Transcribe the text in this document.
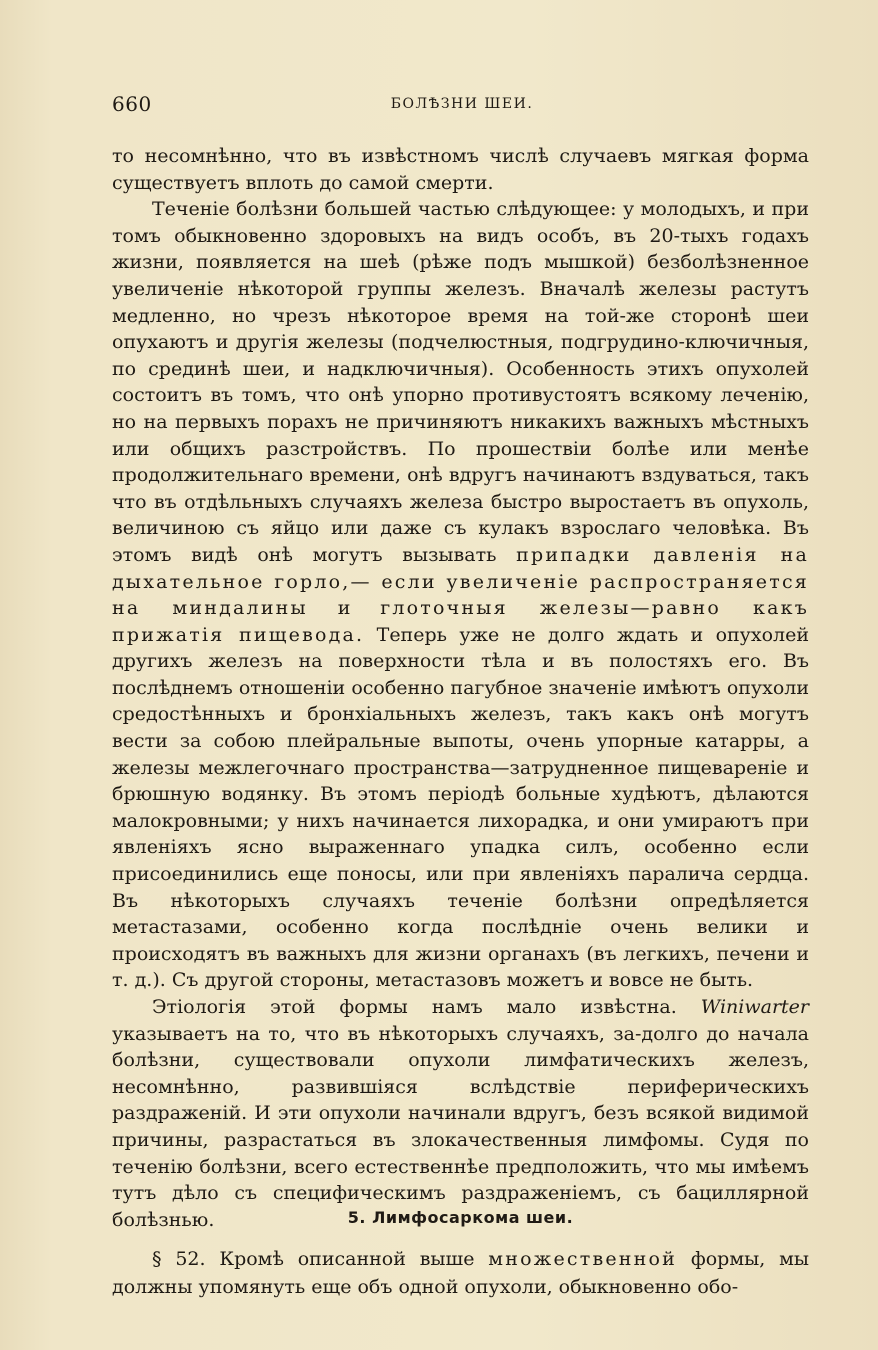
660	БОЛѢЗНИ ШЕИ.

то несомнѣнно, что въ извѣстномъ числѣ случаевъ мягкая форма существуетъ вплоть до самой смерти.

Теченіе болѣзни большей частью слѣдующее: у молодыхъ, и при томъ обыкновенно здоровыхъ на видъ особъ, въ 20-тыхъ годахъ жизни, появляется на шеѣ (рѣже подъ мышкой) безболѣзненное увеличеніе нѣкоторой группы железъ. Вначалѣ железы растутъ медленно, но чрезъ нѣкоторое время на той-же сторонѣ шеи опухаютъ и другія железы (подчелюстныя, подгрудино-ключичныя, по срединѣ шеи, и надключичныя). Особенность этихъ опухолей состоитъ въ томъ, что онѣ упорно противустоятъ всякому леченію, но на первыхъ порахъ не причиняютъ никакихъ важныхъ мѣстныхъ или общихъ разстройствъ. По прошествіи болѣе или менѣе продолжительнаго времени, онѣ вдругъ начинаютъ вздуваться, такъ что въ отдѣльныхъ случаяхъ железа быстро выростаетъ въ опухоль, величиною съ яйцо или даже съ кулакъ взрослаго человѣка. Въ этомъ видѣ онѣ могутъ вызывать припадки давленія на дыхательное горло,— если увеличеніе распространяется на миндалины и глоточныя железы—равно какъ прижатія пищевода. Теперь уже не долго ждать и опухолей другихъ железъ на поверхности тѣла и въ полостяхъ его. Въ послѣднемъ отношеніи особенно пагубное значеніе имѣютъ опухоли средостѣнныхъ и бронхіальныхъ железъ, такъ какъ онѣ могутъ вести за собою плейральные выпоты, очень упорные катарры, а железы межлегочнаго пространства—затрудненное пищевареніе и брюшную водянку. Въ этомъ періодѣ больные худѣютъ, дѣлаются малокровными; у нихъ начинается лихорадка, и они умираютъ при явленіяхъ ясно выраженнаго упадка силъ, особенно если присоединились еще поносы, или при явленіяхъ паралича сердца. Въ нѣкоторыхъ случаяхъ теченіе болѣзни опредѣляется метастазами, особенно когда послѣдніе очень велики и происходятъ въ важныхъ для жизни органахъ (въ легкихъ, печени и т. д.). Съ другой стороны, метастазовъ можетъ и вовсе не быть.

Этіологія этой формы намъ мало извѣстна. Winiwarter указываетъ на то, что въ нѣкоторыхъ случаяхъ, за-долго до начала болѣзни, существовали опухоли лимфатическихъ железъ, несомнѣнно, развившіяся вслѣдствіе периферическихъ раздраженій. И эти опухоли начинали вдругъ, безъ всякой видимой причины, разрастаться въ злокачественныя лимфомы. Судя по теченію болѣзни, всего естественнѣе предположить, что мы имѣемъ тутъ дѣло съ специфическимъ раздраженіемъ, съ бациллярной болѣзнью.	5. Лимфосаркома шеи.

§ 52. Кромѣ описанной выше множественной формы, мы должны упомянуть еще объ одной опухоли, обыкновенно обо-
